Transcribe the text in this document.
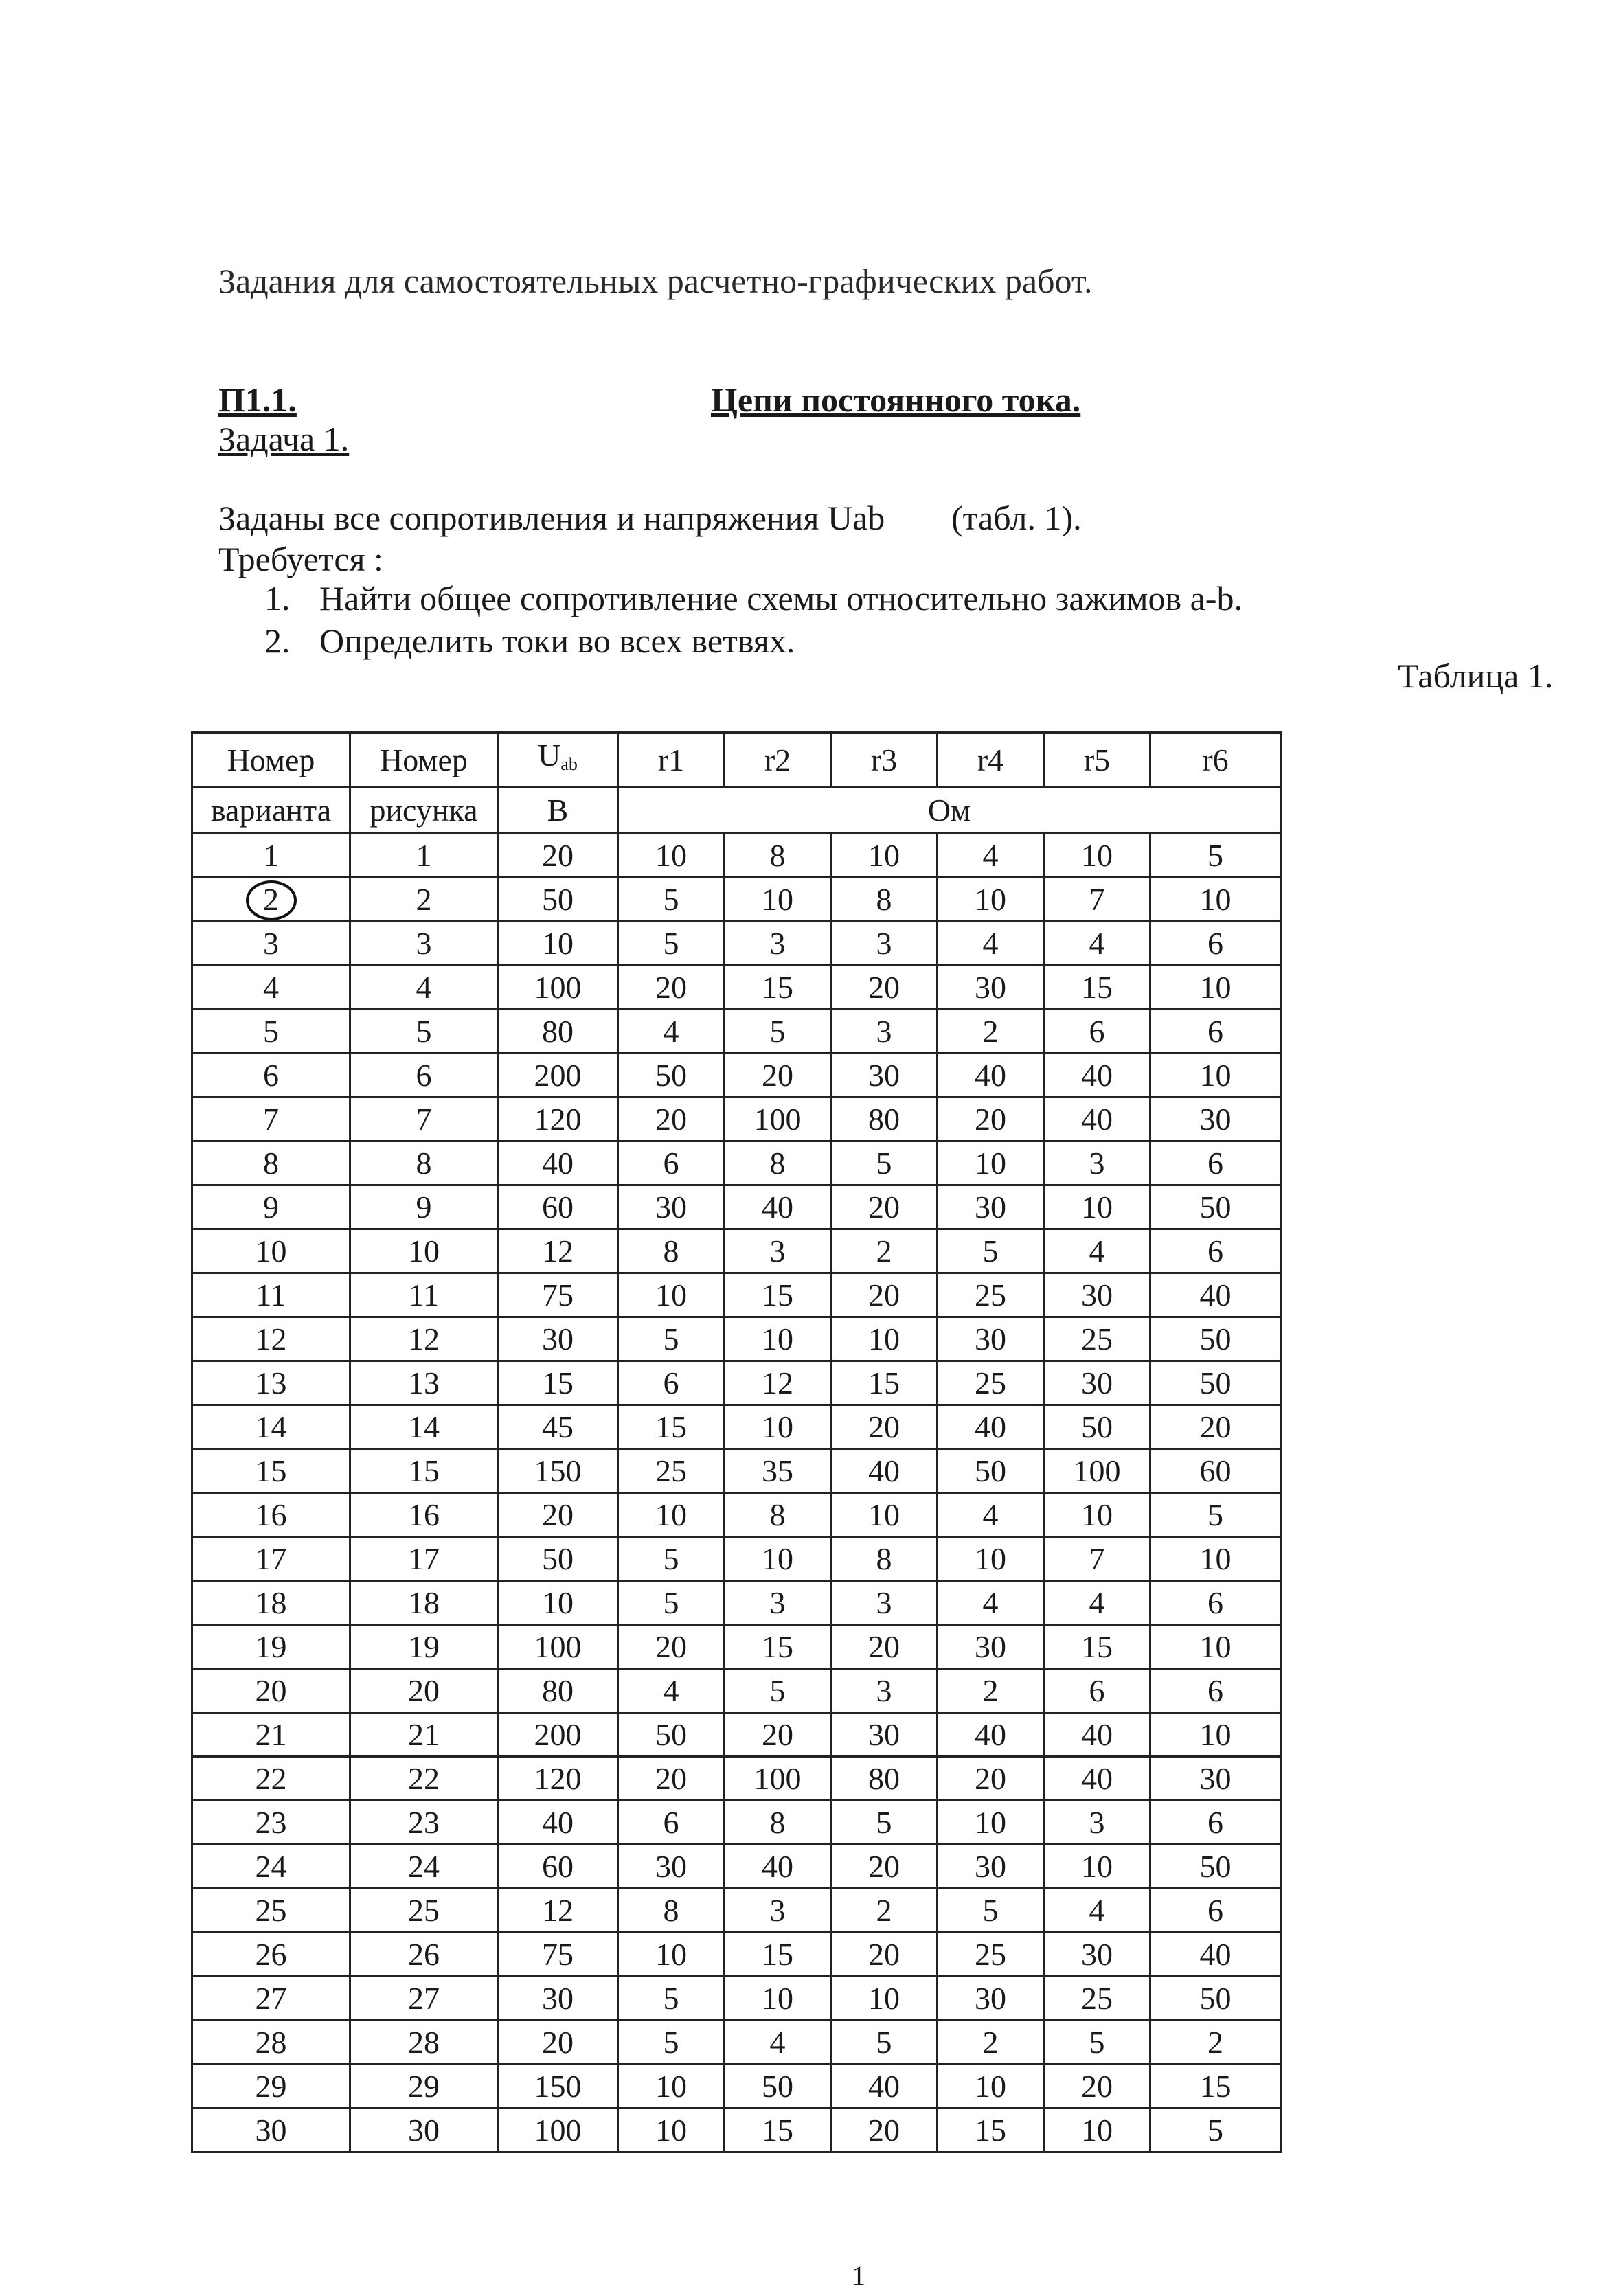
Задания для самостоятельных расчетно-графических работ.
П1.1.	Цепи постоянного тока.
Задача 1.
Заданы все сопротивления и напряжения Uab (табл. 1).
Требуется :
1. Найти общее сопротивление схемы относительно зажимов a-b.
2. Определить токи во всех ветвях.
Таблица 1.
Номер	Номер	$U_{ab}$	r1	r2	r3	r4	r5	r6
варианта	рисунка	В	Ом					
1	1	20	10	8	10	4	10	5
2	2	50	5	10	8	10	7	10
3	3	10	5	3	3	4	4	6
4	4	100	20	15	20	30	15	10
5	5	80	4	5	3	2	6	6
6	6	200	50	20	30	40	40	10
7	7	120	20	100	80	20	40	30
8	8	40	6	8	5	10	3	6
9	9	60	30	40	20	30	10	50
10	10	12	8	3	2	5	4	6
11	11	75	10	15	20	25	30	40
12	12	30	5	10	10	30	25	50
13	13	15	6	12	15	25	30	50
14	14	45	15	10	20	40	50	20
15	15	150	25	35	40	50	100	60
16	16	20	10	8	10	4	10	5
17	17	50	5	10	8	10	7	10
18	18	10	5	3	3	4	4	6
19	19	100	20	15	20	30	15	10
20	20	80	4	5	3	2	6	6
21	21	200	50	20	30	40	40	10
22	22	120	20	100	80	20	40	30
23	23	40	6	8	5	10	3	6
24	24	60	30	40	20	30	10	50
25	25	12	8	3	2	5	4	6
26	26	75	10	15	20	25	30	40
27	27	30	5	10	10	30	25	50
28	28	20	5	4	5	2	5	2
29	29	150	10	50	40	10	20	15
30	30	100	10	15	20	15	10	5
1
